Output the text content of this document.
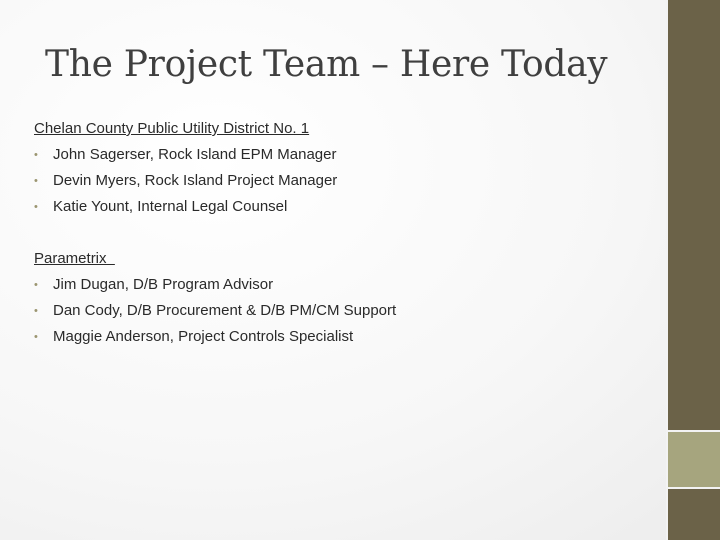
The Project Team – Here Today
Chelan County Public Utility District No. 1
•	John Sagerser, Rock Island EPM Manager
•	Devin Myers, Rock Island Project Manager
•	Katie Yount, Internal Legal Counsel
Parametrix
•	Jim Dugan, D/B Program Advisor
•	Dan Cody, D/B Procurement & D/B PM/CM Support
•	Maggie Anderson, Project Controls Specialist
